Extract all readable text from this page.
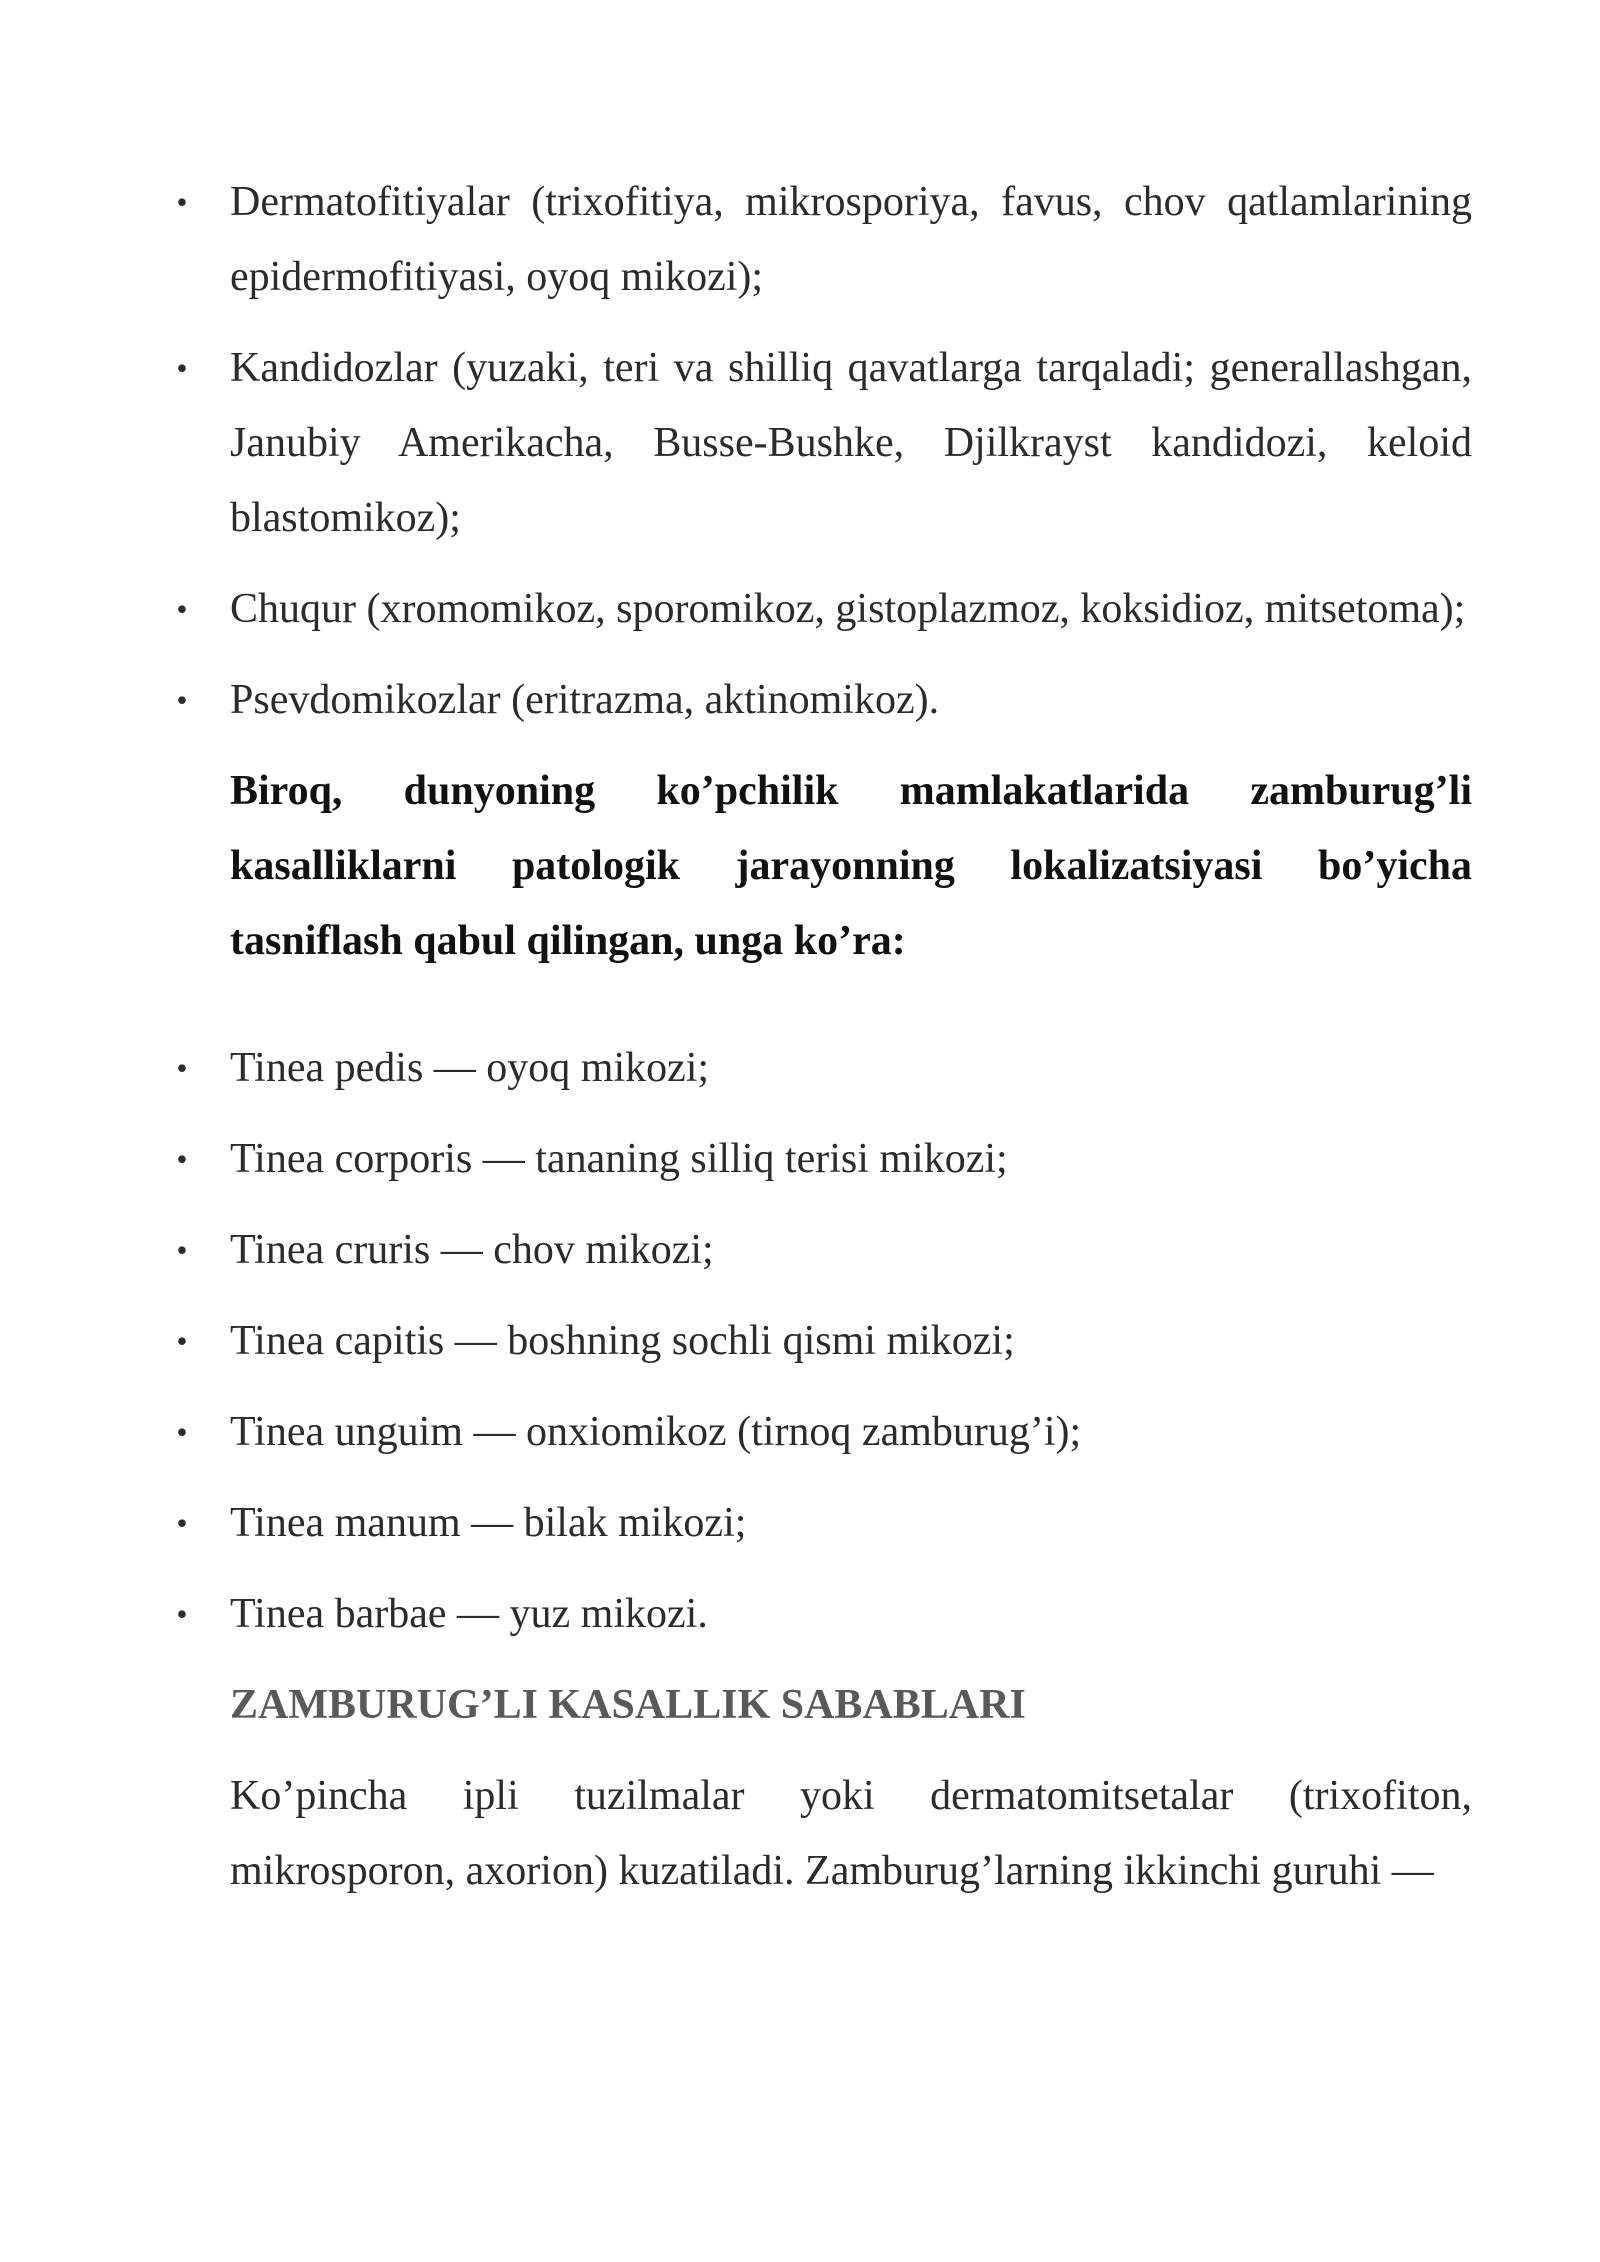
• Dermatofitiyalar (trixofitiya, mikrosporiya, favus, chov qatlamlarining epidermofitiyasi, oyoq mikozi);
• Kandidozlar (yuzaki, teri va shilliq qavatlarga tarqaladi; generallashgan, Janubiy Amerikacha, Busse-Bushke, Djilkrayst kandidozi, keloid blastomikoz);
• Chuqur (xromomikoz, sporomikoz, gistoplazmoz, koksidioz, mitsetoma);
• Psevdomikozlar (eritrazma, aktinomikoz).

Biroq, dunyoning ko’pchilik mamlakatlarida zamburug’li kasalliklarni patologik jarayonning lokalizatsiyasi bo’yicha tasniflash qabul qilingan, unga ko’ra:

• Tinea pedis — oyoq mikozi;
• Tinea corporis — tananing silliq terisi mikozi;
• Tinea cruris — chov mikozi;
• Tinea capitis — boshning sochli qismi mikozi;
• Tinea unguim — onxiomikoz (tirnoq zamburug’i);
• Tinea manum — bilak mikozi;
• Tinea barbae — yuz mikozi.
ZAMBURUG’LI KASALLIK SABABLARI

Ko’pincha ipli tuzilmalar yoki dermatomitsetalar (trixofiton, mikrosporon, axorion) kuzatiladi. Zamburug’larning ikkinchi guruhi —
